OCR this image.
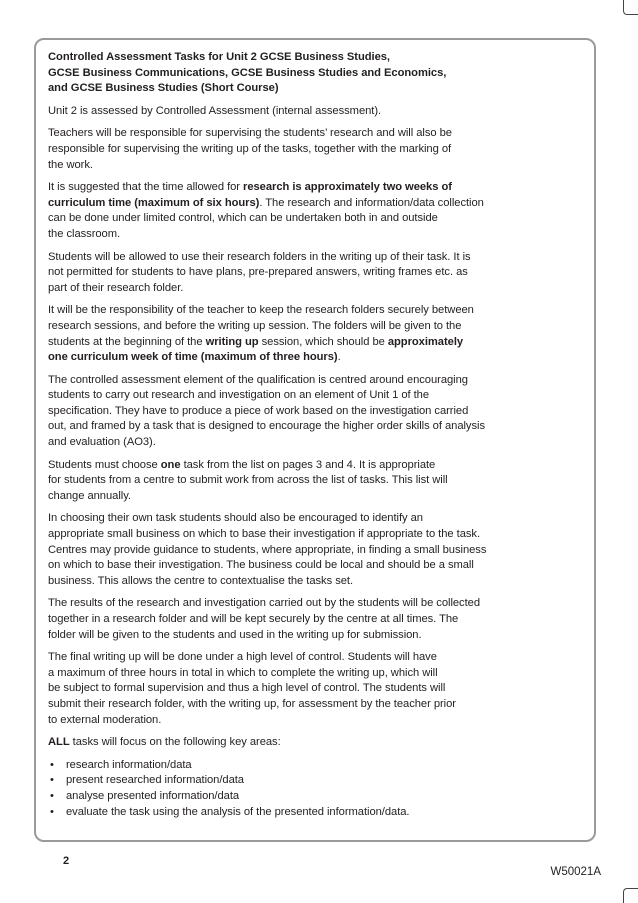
Controlled Assessment Tasks for Unit 2 GCSE Business Studies,
GCSE Business Communications, GCSE Business Studies and Economics,
and GCSE Business Studies (Short Course)

Unit 2 is assessed by Controlled Assessment (internal assessment).

Teachers will be responsible for supervising the students’ research and will also be
responsible for supervising the writing up of the tasks, together with the marking of
the work.

It is suggested that the time allowed for research is approximately two weeks of
curriculum time (maximum of six hours). The research and information/data collection
can be done under limited control, which can be undertaken both in and outside
the classroom.

Students will be allowed to use their research folders in the writing up of their task. It is
not permitted for students to have plans, pre-prepared answers, writing frames etc. as
part of their research folder.

It will be the responsibility of the teacher to keep the research folders securely between
research sessions, and before the writing up session. The folders will be given to the
students at the beginning of the writing up session, which should be approximately
one curriculum week of time (maximum of three hours).

The controlled assessment element of the qualification is centred around encouraging
students to carry out research and investigation on an element of Unit 1 of the
specification. They have to produce a piece of work based on the investigation carried
out, and framed by a task that is designed to encourage the higher order skills of analysis
and evaluation (AO3).

Students must choose one task from the list on pages 3 and 4. It is appropriate
for students from a centre to submit work from across the list of tasks. This list will
change annually.

In choosing their own task students should also be encouraged to identify an
appropriate small business on which to base their investigation if appropriate to the task.
Centres may provide guidance to students, where appropriate, in finding a small business
on which to base their investigation. The business could be local and should be a small
business. This allows the centre to contextualise the tasks set.

The results of the research and investigation carried out by the students will be collected
together in a research folder and will be kept securely by the centre at all times. The
folder will be given to the students and used in the writing up for submission.

The final writing up will be done under a high level of control. Students will have
a maximum of three hours in total in which to complete the writing up, which will
be subject to formal supervision and thus a high level of control. The students will
submit their research folder, with the writing up, for assessment by the teacher prior
to external moderation.

ALL tasks will focus on the following key areas:

• research information/data
• present researched information/data
• analyse presented information/data
• evaluate the task using the analysis of the presented information/data.
2
W50021A
